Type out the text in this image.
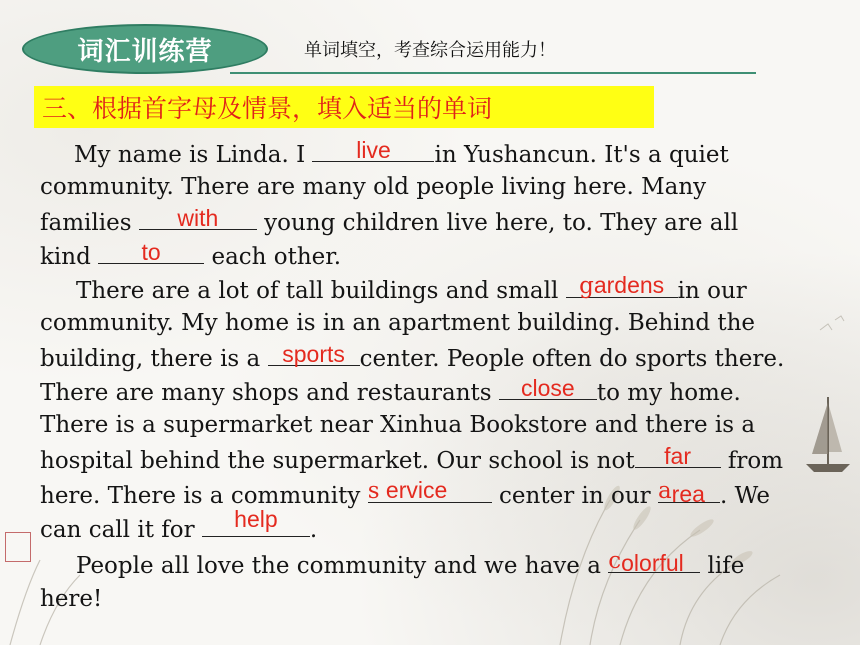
词汇训练营	单词填空，考查综合运用能力！
三、根据首字母及情景，填入适当的单词
My name is Linda. I	live	in Yushancun. It's a quiet
community. There are many old people living here. Many
families	with	young children live here, to. They are all
kind	to	each other.
There are a lot of tall buildings and small gardens in our
community. My home is in an apartment building. Behind the
building, there is a sports center. People often do sports there.
There are many shops and restaurants close to my home.
There is a supermarket near Xinhua Bookstore and there is a
hospital behind the supermarket. Our school is not	far	from
here. There is a community s ervice	center in our area . We
can call it for	help	.
People all love the community and we have a colorful life
here!
